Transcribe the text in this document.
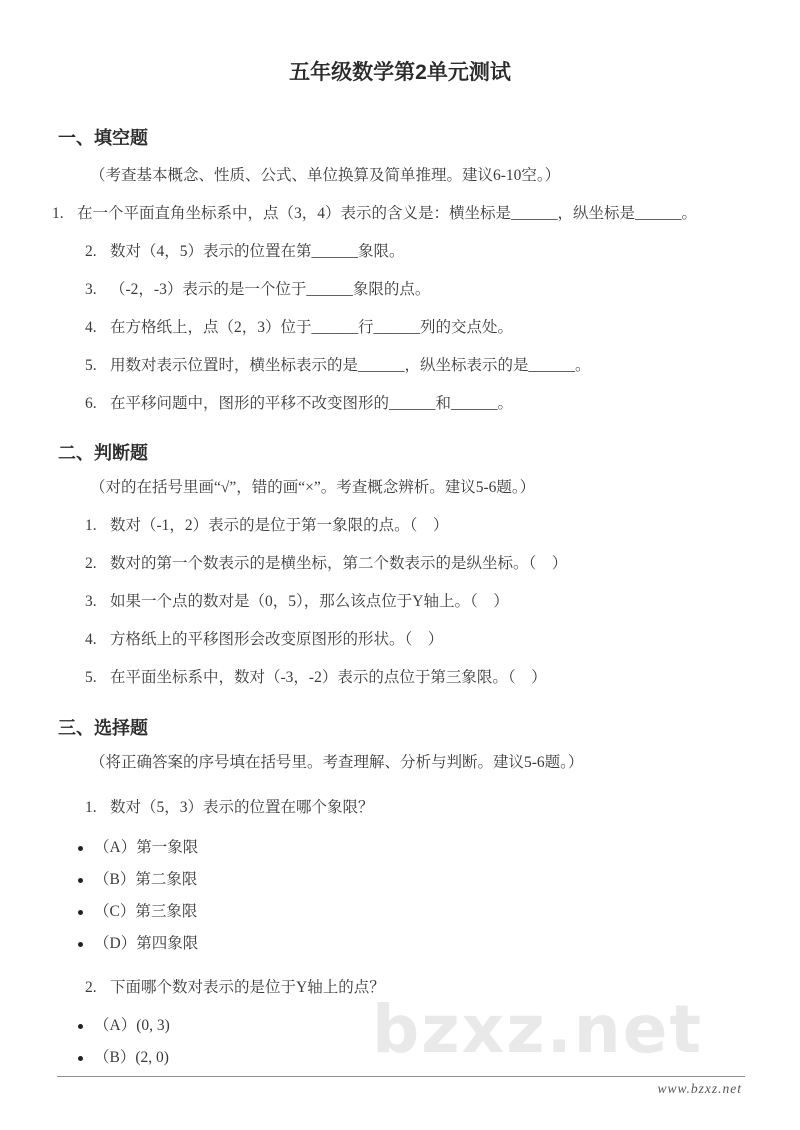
bzxz.net
五年级数学第2单元测试
一、填空题

（考查基本概念、性质、公式、单位换算及简单推理。建议6-10空。）

1. 在一个平面直角坐标系中，点（3，4）表示的含义是：横坐标是______，纵坐标是______。
2. 数对（4，5）表示的位置在第______象限。
3. （-2，-3）表示的是一个位于______象限的点。
4. 在方格纸上，点（2，3）位于______行______列的交点处。
5. 用数对表示位置时，横坐标表示的是______，纵坐标表示的是______。
6. 在平移问题中，图形的平移不改变图形的______和______。
二、判断题

（对的在括号里画“√”，错的画“×”。考查概念辨析。建议5-6题。）

1. 数对（-1，2）表示的是位于第一象限的点。（　）
2. 数对的第一个数表示的是横坐标，第二个数表示的是纵坐标。（　）
3. 如果一个点的数对是（0，5），那么该点位于Y轴上。（　）
4. 方格纸上的平移图形会改变原图形的形状。（　）
5. 在平面坐标系中，数对（-3，-2）表示的点位于第三象限。（　）
三、选择题

（将正确答案的序号填在括号里。考查理解、分析与判断。建议5-6题。）

1. 数对（5，3）表示的位置在哪个象限？
（A）第一象限
（B）第二象限
（C）第三象限
（D）第四象限
2. 下面哪个数对表示的是位于Y轴上的点？
（A）(0, 3)
（B）(2, 0)
www.bzxz.net
